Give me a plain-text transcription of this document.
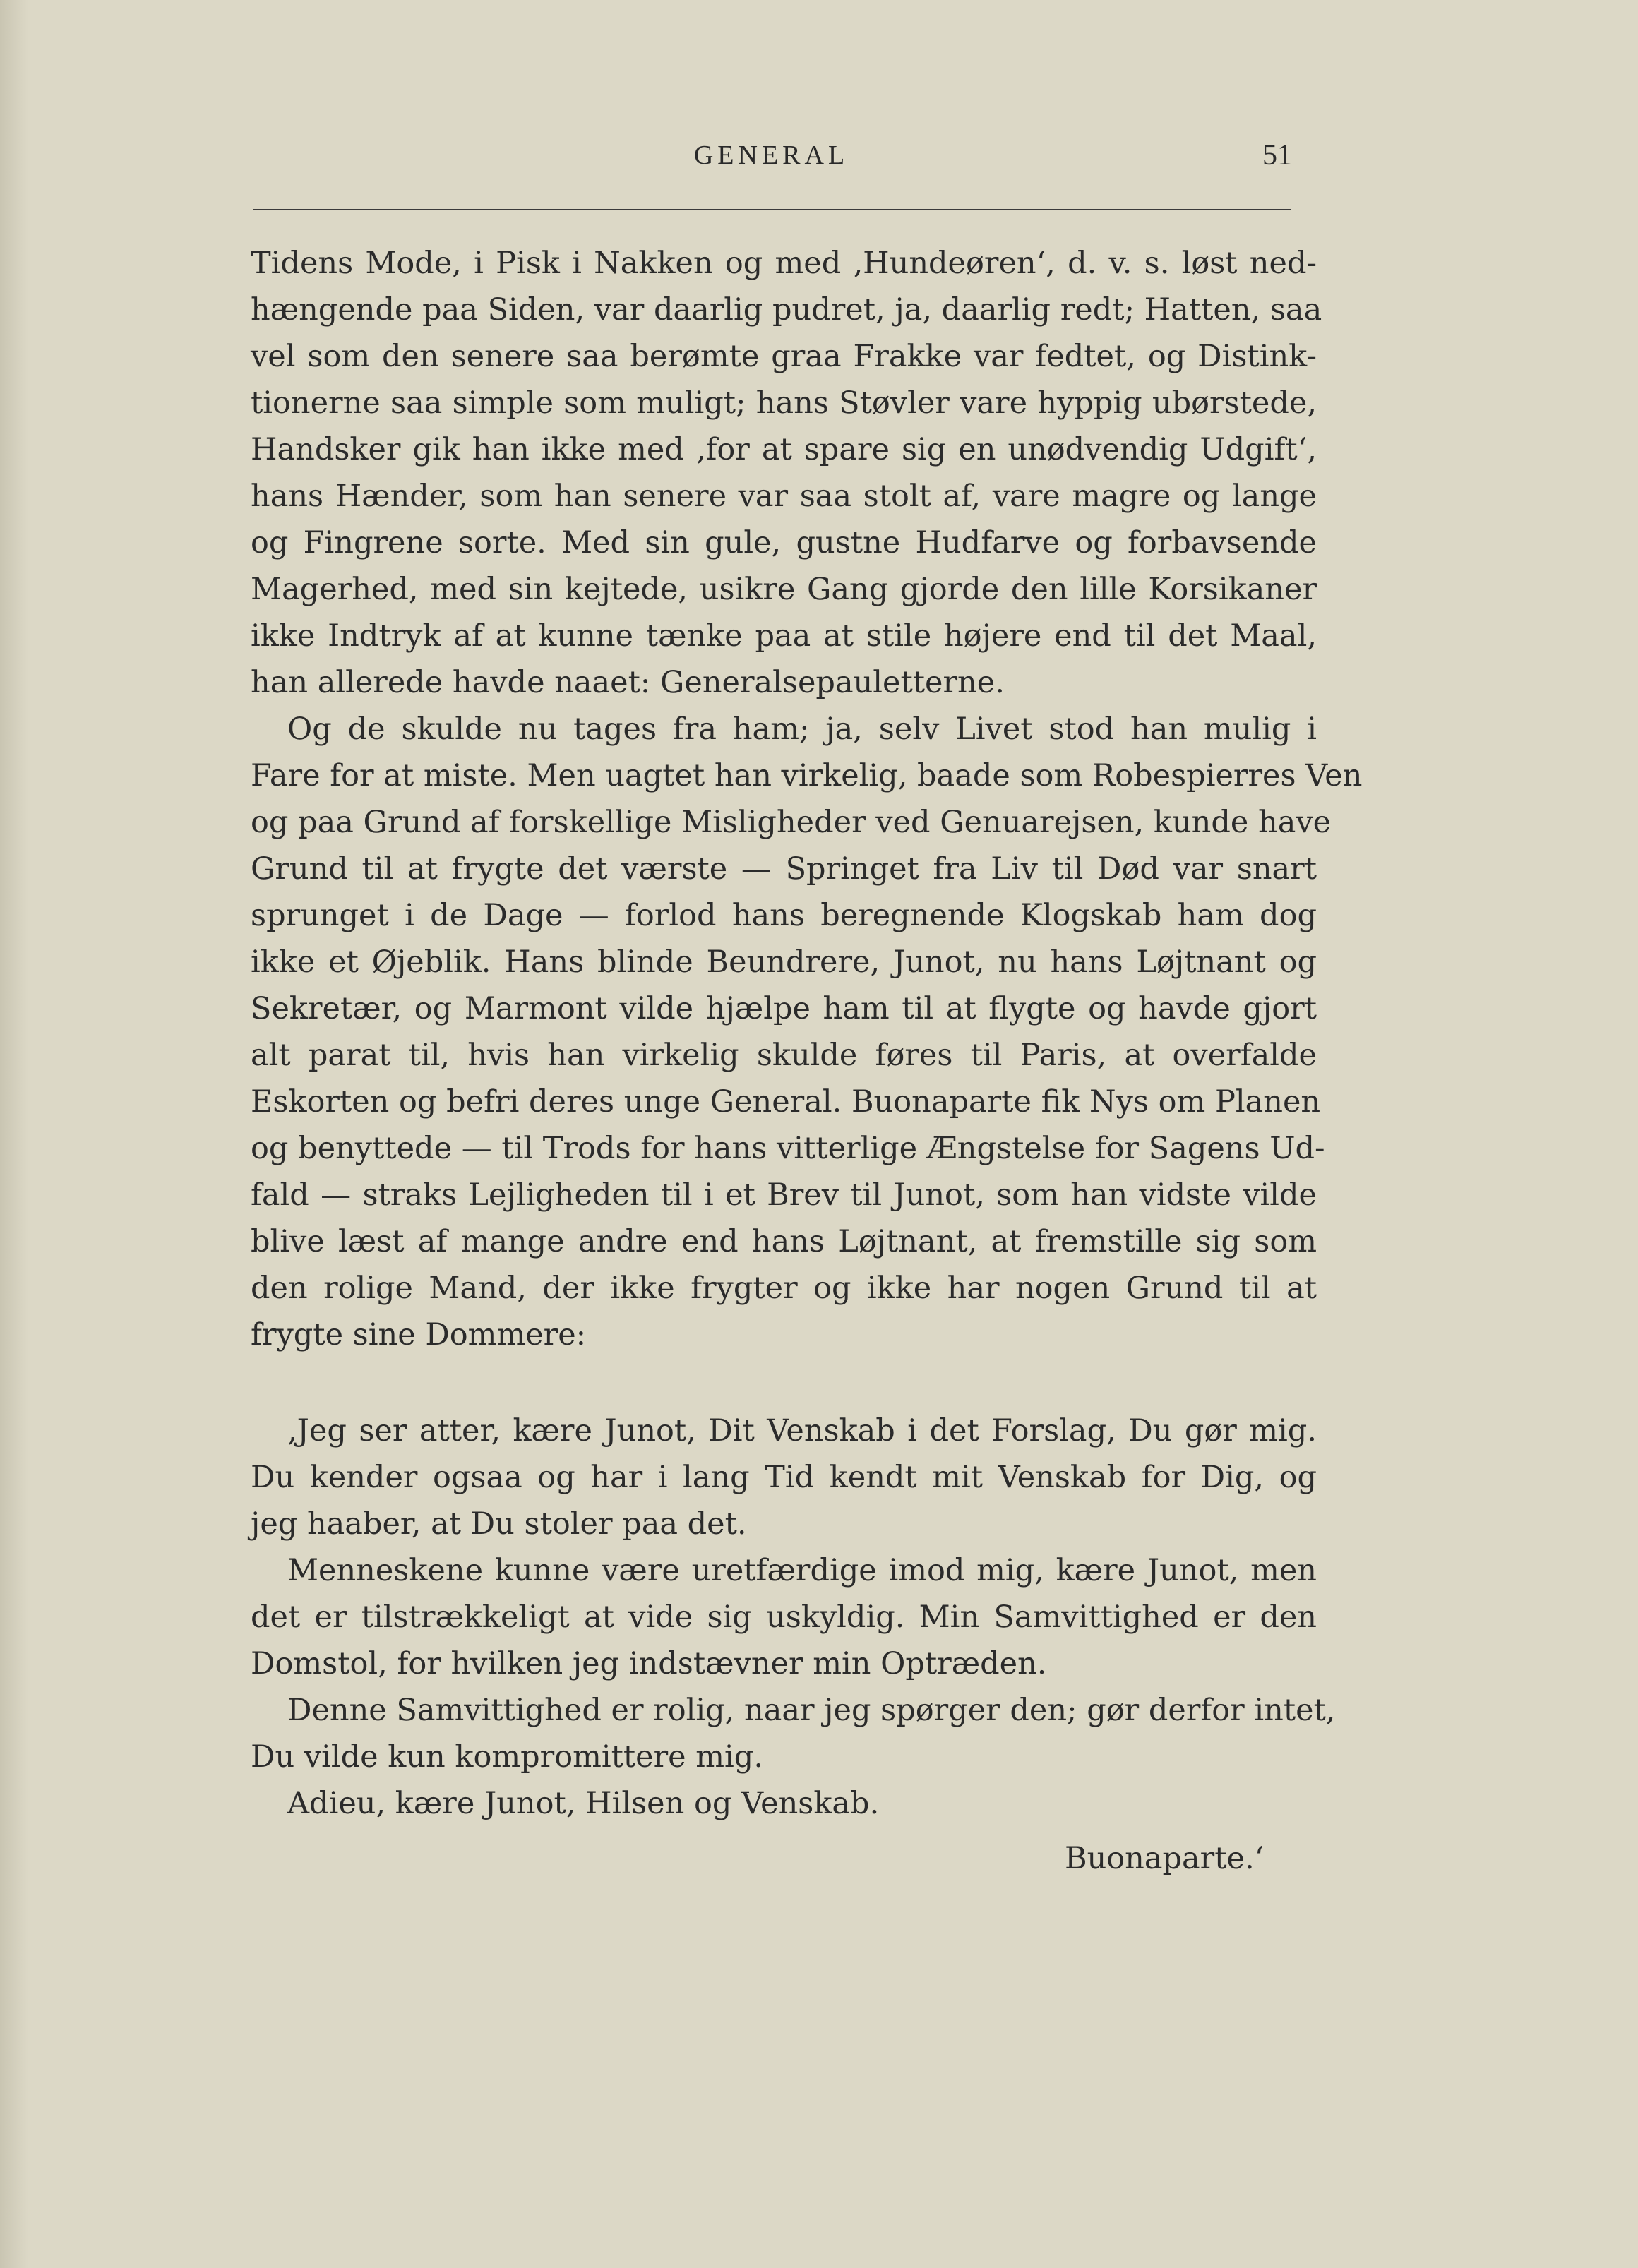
GENERAL	51
Tidens Mode, i Pisk i Nakken og med ‚Hundeøren‘, d. v. s. løst ned-
hængende paa Siden, var daarlig pudret, ja, daarlig redt; Hatten, saa
vel som den senere saa berømte graa Frakke var fedtet, og Distink-
tionerne saa simple som muligt; hans Støvler vare hyppig ubørstede,
Handsker gik han ikke med ‚for at spare sig en unødvendig Udgift‘,
hans Hænder, som han senere var saa stolt af, vare magre og lange
og Fingrene sorte. Med sin gule, gustne Hudfarve og forbavsende
Magerhed, med sin kejtede, usikre Gang gjorde den lille Korsikaner
ikke Indtryk af at kunne tænke paa at stile højere end til det Maal,
han allerede havde naaet: Generalsepauletterne.
Og de skulde nu tages fra ham; ja, selv Livet stod han mulig i
Fare for at miste. Men uagtet han virkelig, baade som Robespierres Ven
og paa Grund af forskellige Misligheder ved Genuarejsen, kunde have
Grund til at frygte det værste — Springet fra Liv til Død var snart
sprunget i de Dage — forlod hans beregnende Klogskab ham dog
ikke et Øjeblik. Hans blinde Beundrere, Junot, nu hans Løjtnant og
Sekretær, og Marmont vilde hjælpe ham til at flygte og havde gjort
alt parat til, hvis han virkelig skulde føres til Paris, at overfalde
Eskorten og befri deres unge General. Buonaparte fik Nys om Planen
og benyttede — til Trods for hans vitterlige Ængstelse for Sagens Ud-
fald — straks Lejligheden til i et Brev til Junot, som han vidste vilde
blive læst af mange andre end hans Løjtnant, at fremstille sig som
den rolige Mand, der ikke frygter og ikke har nogen Grund til at
frygte sine Dommere:
‚Jeg ser atter, kære Junot, Dit Venskab i det Forslag, Du gør mig.
Du kender ogsaa og har i lang Tid kendt mit Venskab for Dig, og
jeg haaber, at Du stoler paa det.
Menneskene kunne være uretfærdige imod mig, kære Junot, men
det er tilstrækkeligt at vide sig uskyldig. Min Samvittighed er den
Domstol, for hvilken jeg indstævner min Optræden.
Denne Samvittighed er rolig, naar jeg spørger den; gør derfor intet,
Du vilde kun kompromittere mig.
Adieu, kære Junot, Hilsen og Venskab.
Buonaparte.‘
